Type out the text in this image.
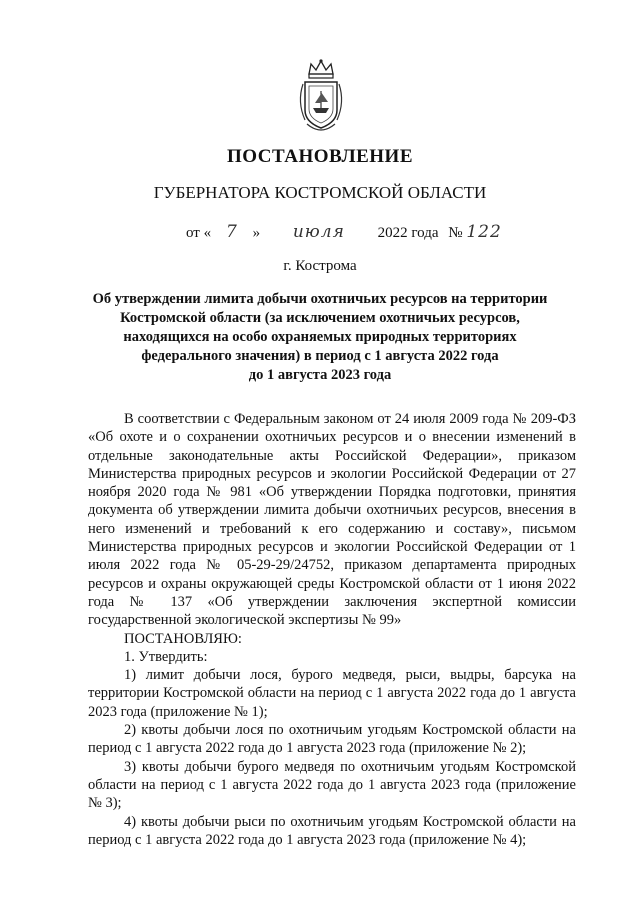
ПОСТАНОВЛЕНИЕ
ГУБЕРНАТОРА КОСТРОМСКОЙ ОБЛАСТИ
от « 7 » июля 2022 года № 122
г. Кострома
Об утверждении лимита добычи охотничьих ресурсов на территории
Костромской области (за исключением охотничьих ресурсов,
находящихся на особо охраняемых природных территориях
федерального значения) в период с 1 августа 2022 года
до 1 августа 2023 года

В соответствии с Федеральным законом от 24 июля 2009 года № 209-ФЗ «Об охоте и о сохранении охотничьих ресурсов и о внесении изменений в отдельные законодательные акты Российской Федерации», приказом Министерства природных ресурсов и экологии Российской Федерации от 27 ноября 2020 года № 981 «Об утверждении Порядка подготовки, принятия документа об утверждении лимита добычи охотничьих ресурсов, внесения в него изменений и требований к его содержанию и составу», письмом Министерства природных ресурсов и экологии Российской Федерации от 1 июля 2022 года № 05-29-29/24752, приказом департамента природных ресурсов и охраны окружающей среды Костромской области от 1 июня 2022 года № 137 «Об утверждении заключения экспертной комиссии государственной экологической экспертизы № 99»

ПОСТАНОВЛЯЮ:

1. Утвердить:

1) лимит добычи лося, бурого медведя, рыси, выдры, барсука на территории Костромской области на период с 1 августа 2022 года до 1 августа 2023 года (приложение № 1);

2) квоты добычи лося по охотничьим угодьям Костромской области на период с 1 августа 2022 года до 1 августа 2023 года (приложение № 2);

3) квоты добычи бурого медведя по охотничьим угодьям Костромской области на период с 1 августа 2022 года до 1 августа 2023 года (приложение № 3);

4) квоты добычи рыси по охотничьим угодьям Костромской области на период с 1 августа 2022 года до 1 августа 2023 года (приложение № 4);
